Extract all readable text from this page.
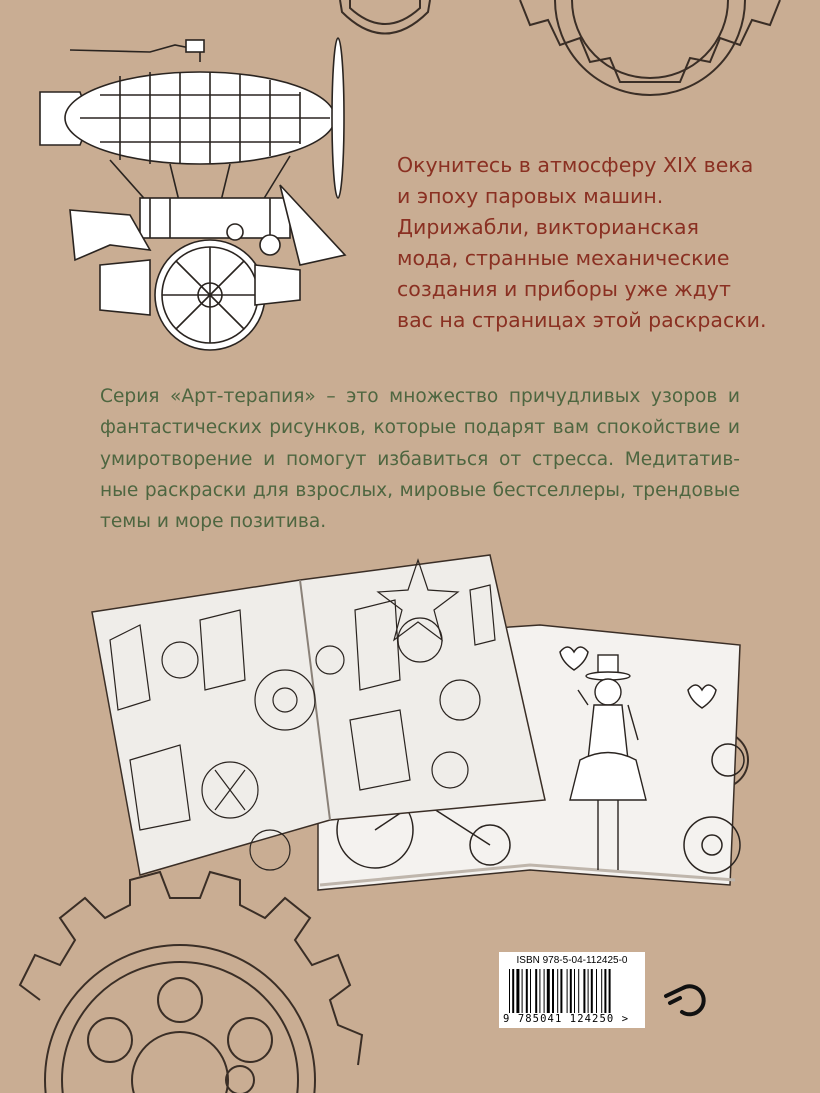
Окунитесь в атмосферу XIX века
и эпоху паровых машин.
Дирижабли, викторианская
мода, странные механические
создания и приборы уже ждут
вас на страницах этой раскраски.
Серия «Арт-терапия» – это множество причудливых узоров и
фантастических рисунков, которые подарят вам спокойствие и
умиротворение и помогут избавиться от стресса. Медитатив-
ные раскраски для взрослых, мировые бестселлеры, трендовые
темы и море позитива.
ISBN 978-5-04-112425-0
9 785041 124250 >
